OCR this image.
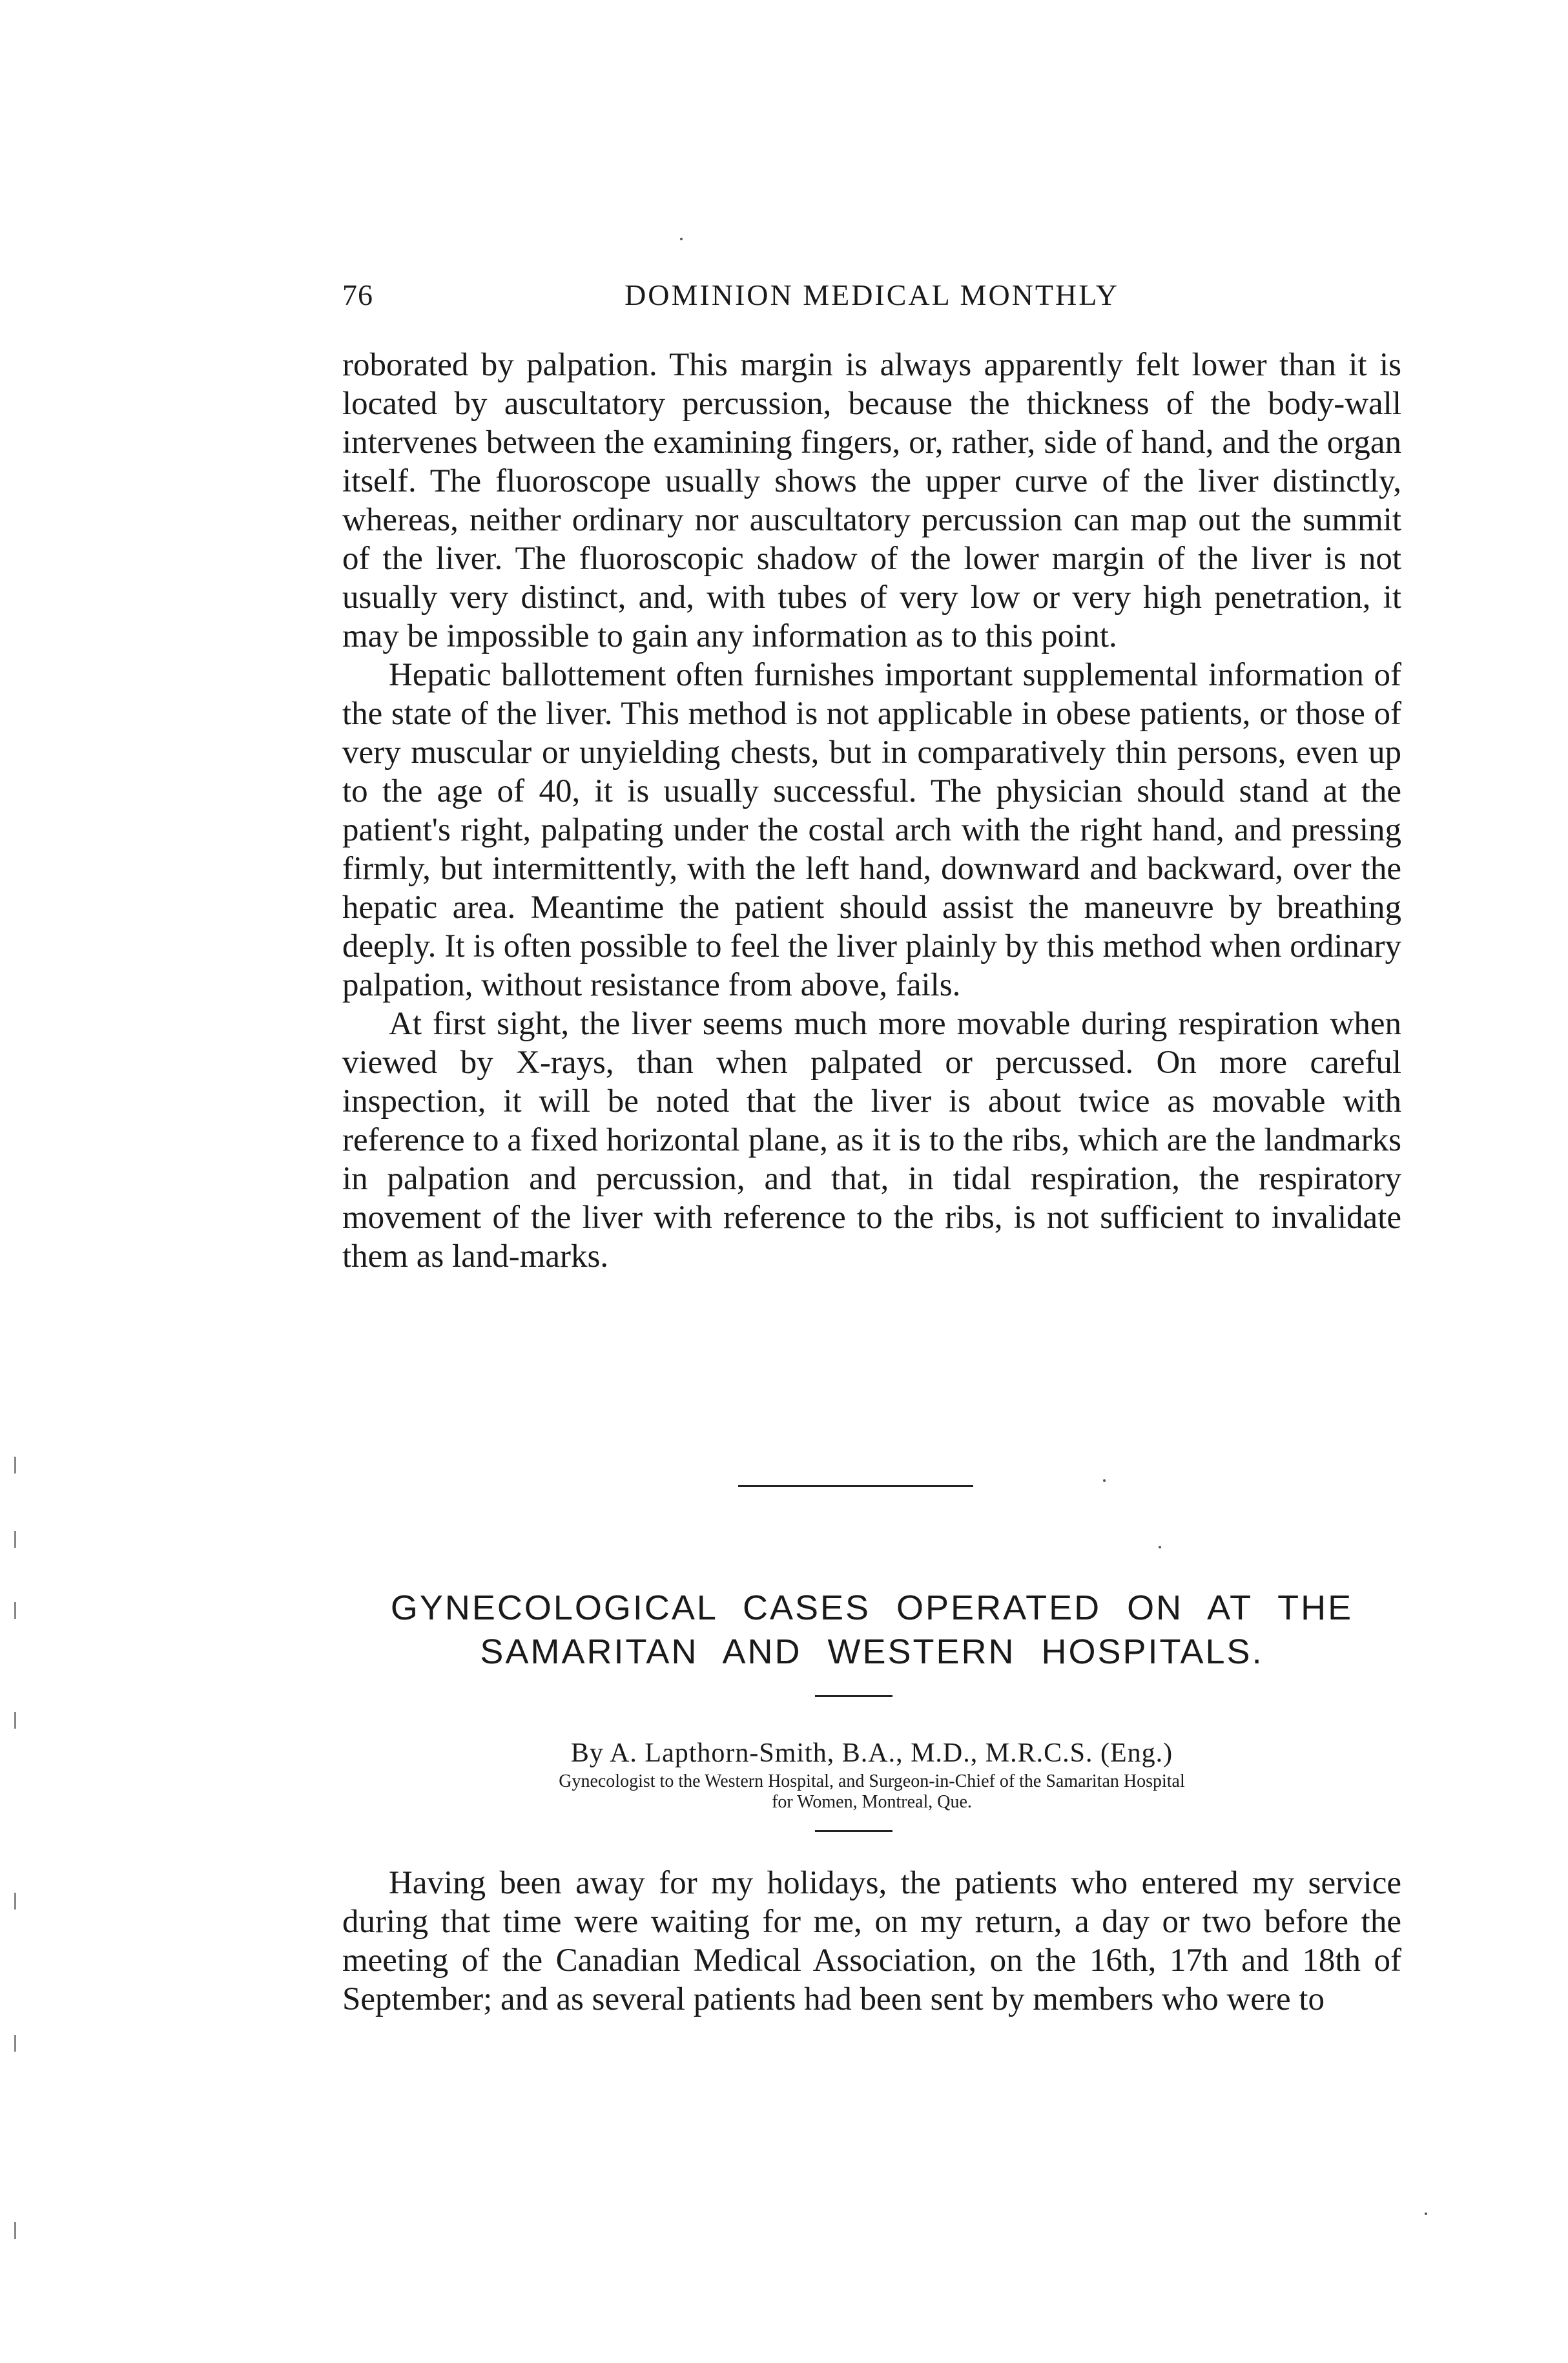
76	DOMINION MEDICAL MONTHLY

roborated by palpation. This margin is always apparently felt lower than it is located by auscultatory percussion, because the thickness of the body-wall intervenes between the examining fingers, or, rather, side of hand, and the organ itself. The fluoroscope usually shows the upper curve of the liver distinctly, whereas, neither ordinary nor auscultatory percussion can map out the summit of the liver. The fluoroscopic shadow of the lower margin of the liver is not usually very distinct, and, with tubes of very low or very high penetration, it may be impossible to gain any information as to this point.

Hepatic ballottement often furnishes important supplemental information of the state of the liver. This method is not applicable in obese patients, or those of very muscular or unyielding chests, but in comparatively thin persons, even up to the age of 40, it is usually successful. The physician should stand at the patient's right, palpating under the costal arch with the right hand, and pressing firmly, but intermittently, with the left hand, downward and backward, over the hepatic area. Meantime the patient should assist the maneuvre by breathing deeply. It is often possible to feel the liver plainly by this method when ordinary palpation, without resistance from above, fails.

At first sight, the liver seems much more movable during respiration when viewed by X-rays, than when palpated or percussed. On more careful inspection, it will be noted that the liver is about twice as movable with reference to a fixed horizontal plane, as it is to the ribs, which are the landmarks in palpation and percussion, and that, in tidal respiration, the respiratory movement of the liver with reference to the ribs, is not sufficient to invalidate them as land-marks.

GYNECOLOGICAL CASES OPERATED ON AT THE
SAMARITAN AND WESTERN HOSPITALS.
By A. Lapthorn-Smith, B.A., M.D., M.R.C.S. (Eng.)
Gynecologist to the Western Hospital, and Surgeon-in-Chief of the Samaritan Hospital
for Women, Montreal, Que.

Having been away for my holidays, the patients who entered my service during that time were waiting for me, on my return, a day or two before the meeting of the Canadian Medical Association, on the 16th, 17th and 18th of September; and as several patients had been sent by members who were to
